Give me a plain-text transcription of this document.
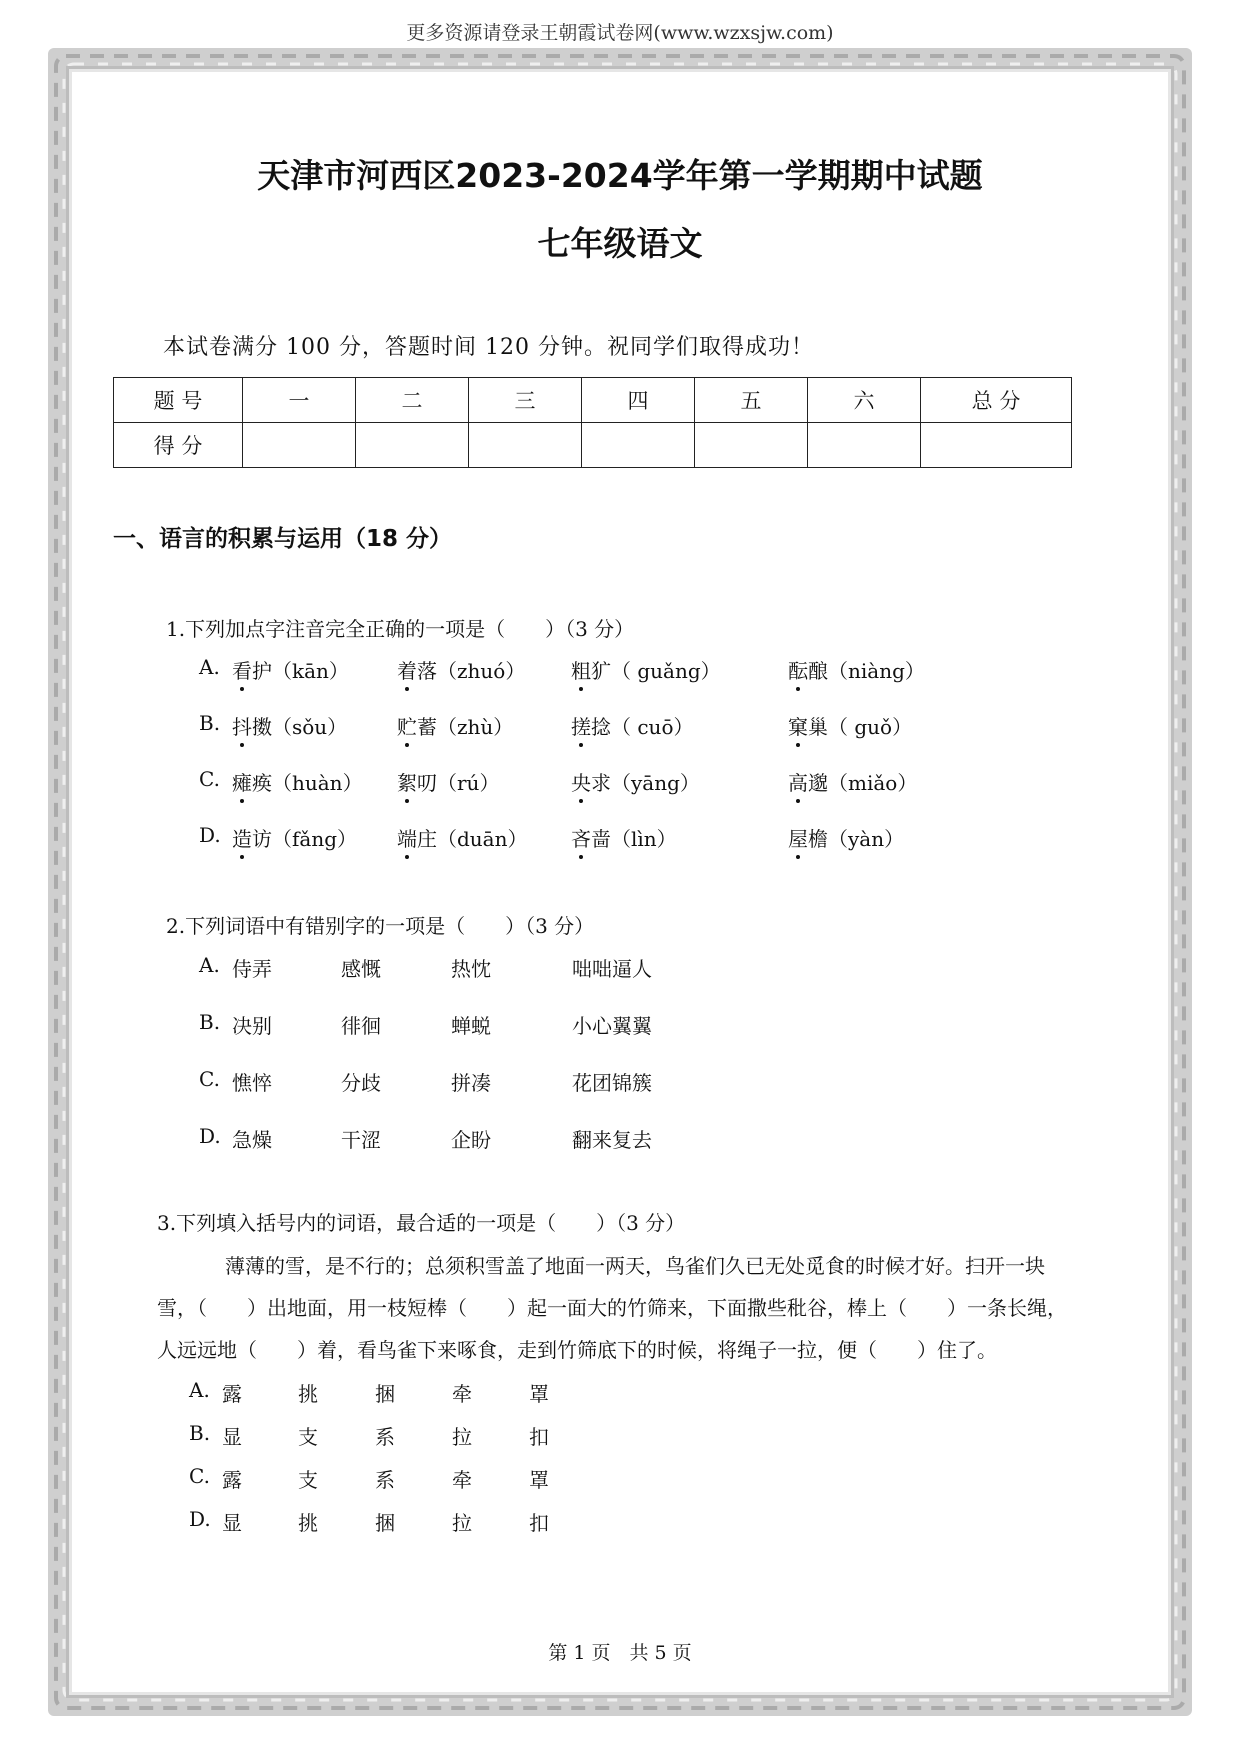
更多资源请登录王朝霞试卷网(www.wzxsjw.com)
天津市河西区2023-2024学年第一学期期中试题
七年级语文
本试卷满分 100 分，答题时间 120 分钟。祝同学们取得成功！
题 号	一	二	三	四	五	六	总 分
得 分							
一、语言的积累与运用（18 分）
1.下列加点字注音完全正确的一项是（　　）（3 分）
A. 看护（kān） 着落（zhuó） 粗犷（ guǎng）	酝酿（niàng）
B. 抖擞（sǒu） 贮蓄（zhù）	搓捻（ cuō）	窠巢（ guǒ）
C. 瘫痪（huàn） 絮叨（rú）	央求（yāng）	高邈（miǎo）
D. 造访（fǎng） 端庄（duān） 吝啬（lìn）	屋檐（yàn）
2.下列词语中有错别字的一项是（　　）（3 分）
A. 侍弄	感慨	热忱	咄咄逼人
B. 决别	徘徊	蝉蜕	小心翼翼
C. 憔悴	分歧	拼凑	花团锦簇
D. 急燥	干涩	企盼	翻来复去
3.下列填入括号内的词语，最合适的一项是（　　）（3 分）
薄薄的雪，是不行的；总须积雪盖了地面一两天，鸟雀们久已无处觅食的时候才好。扫开一块
雪，（　　）出地面，用一枝短棒（　　）起一面大的竹筛来，下面撒些秕谷，棒上（　　）一条长绳，
人远远地（　　）着，看鸟雀下来啄食，走到竹筛底下的时候，将绳子一拉，便（　　）住了。
A. 露	挑	捆	牵	罩
B. 显	支	系	拉	扣
C. 露	支	系	牵	罩
D. 显	挑	捆	拉	扣
第 1 页　共 5 页
